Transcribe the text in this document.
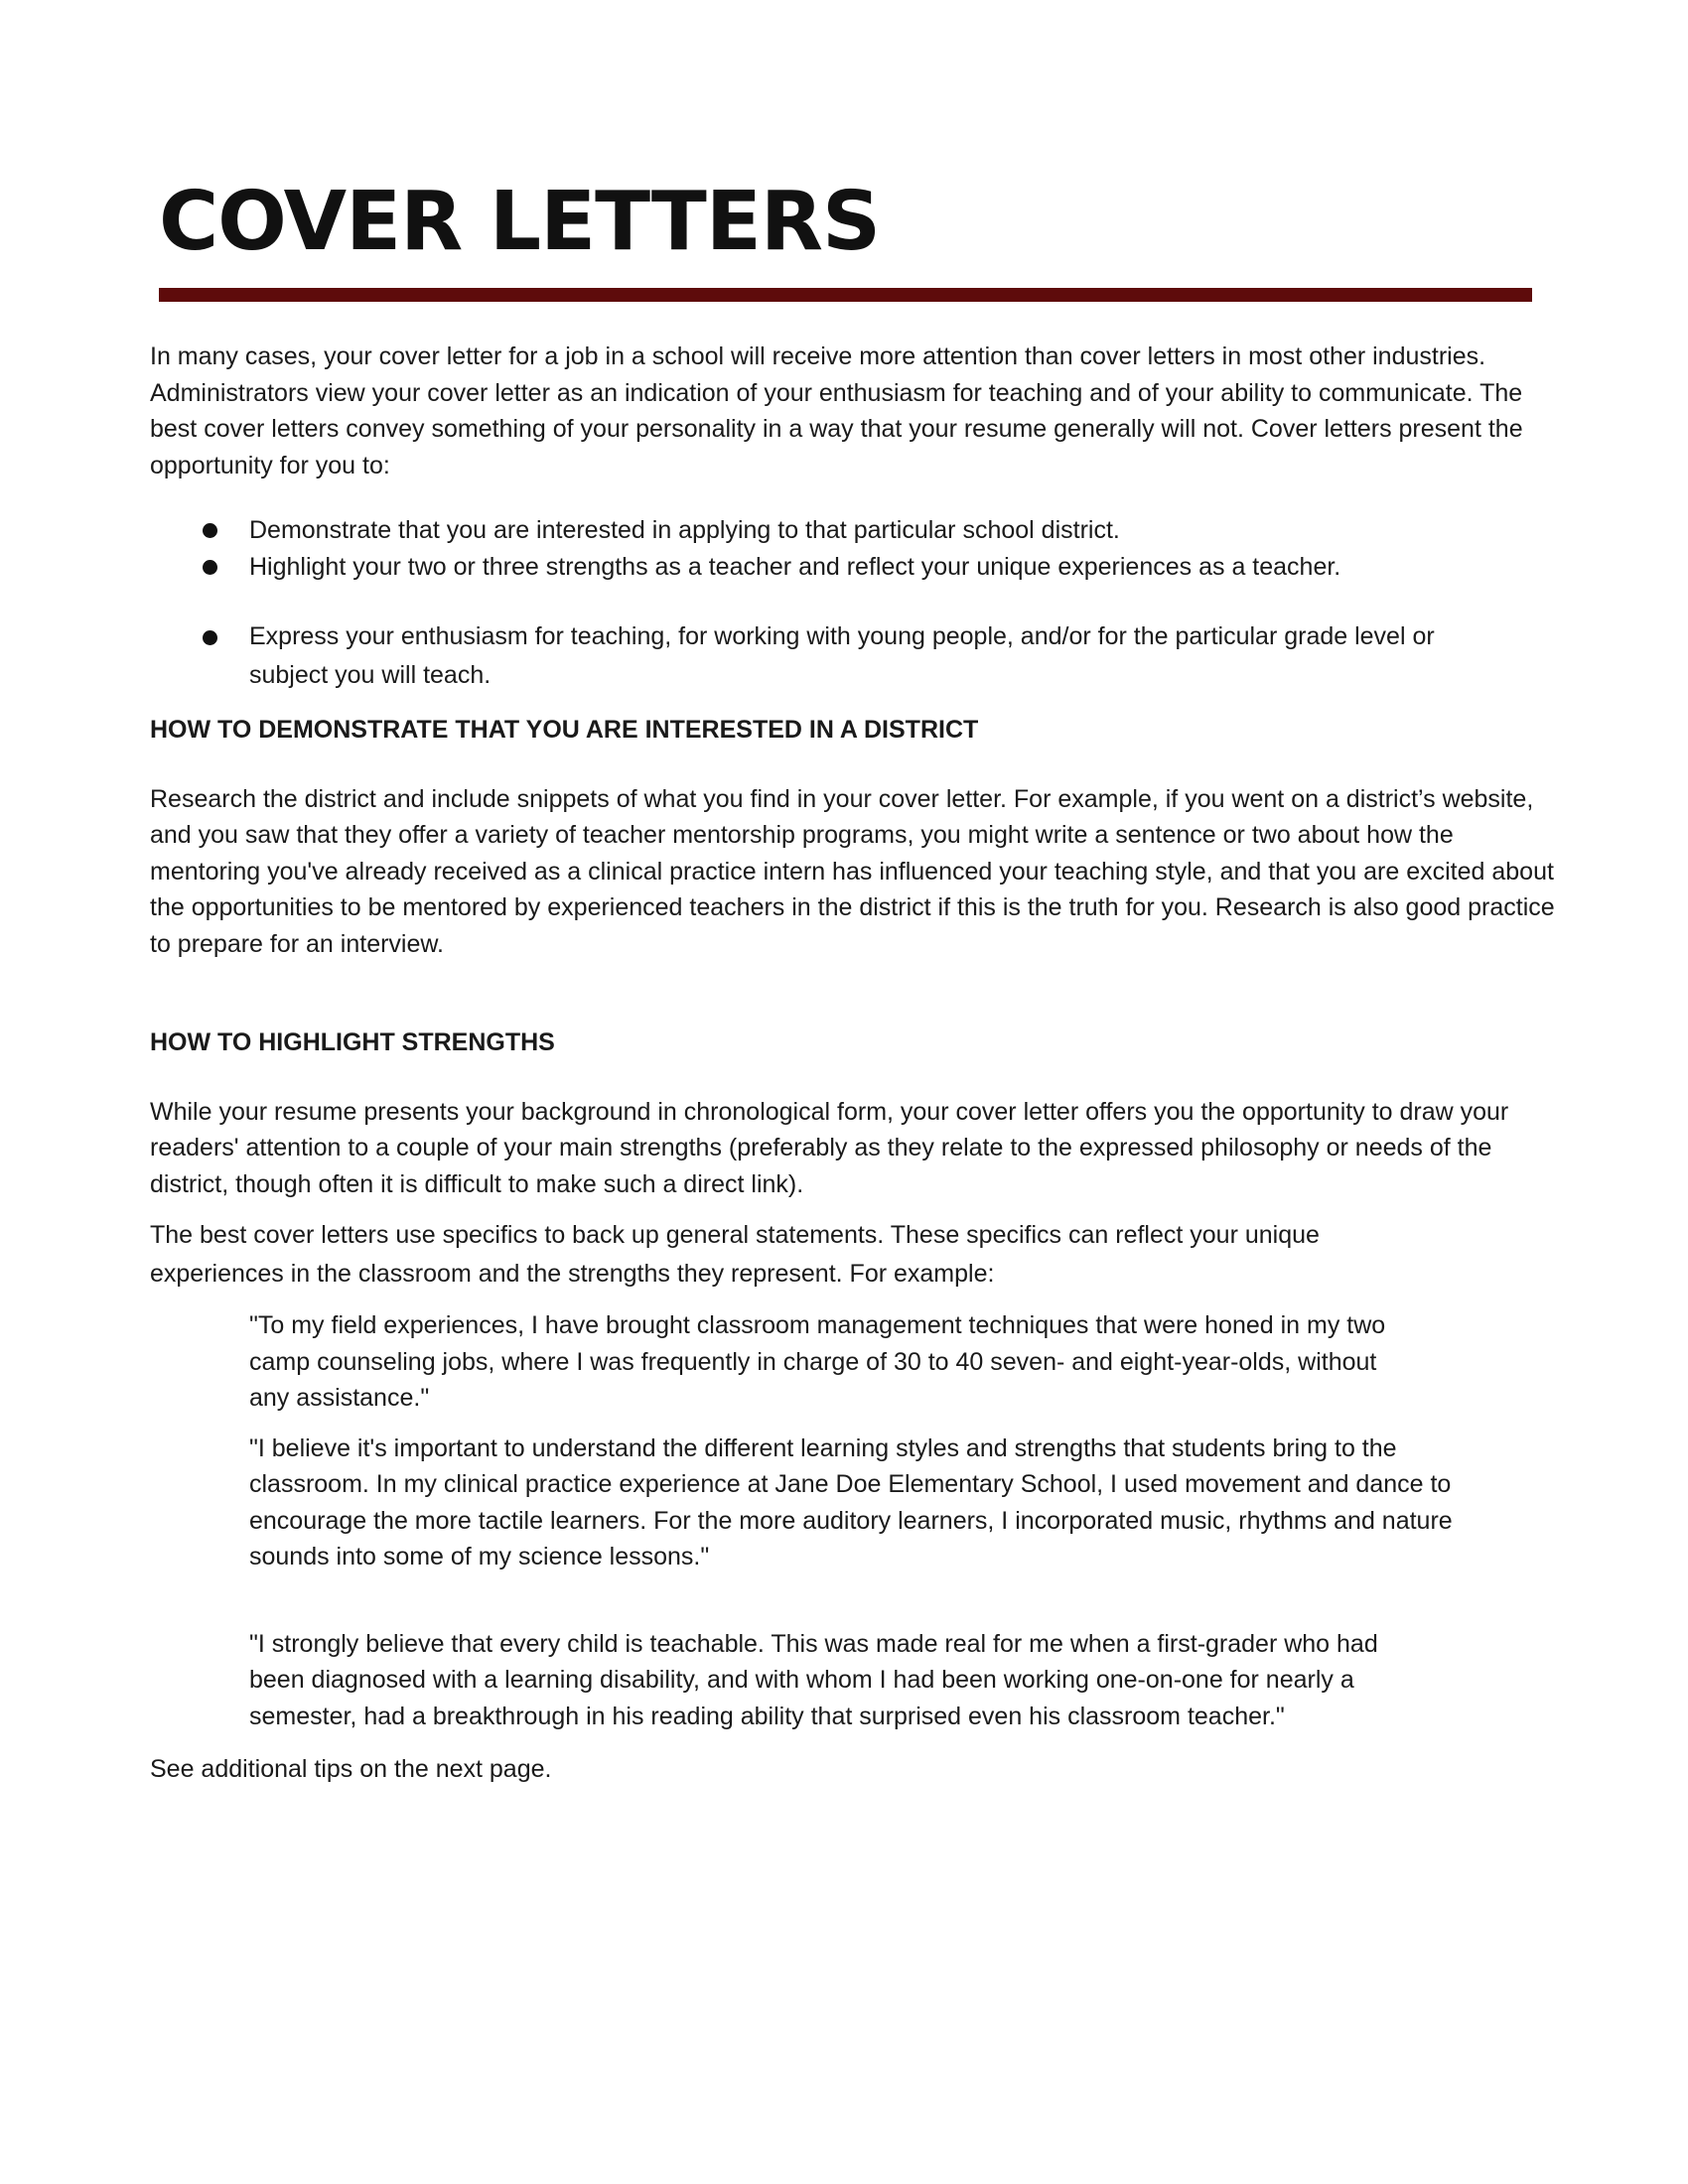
COVER LETTERS

In many cases, your cover letter for a job in a school will receive more attention than cover letters in most other industries. Administrators view your cover letter as an indication of your enthusiasm for teaching and of your ability to communicate. The best cover letters convey something of your personality in a way that your resume generally will not. Cover letters present the opportunity for you to:

Demonstrate that you are interested in applying to that particular school district.
Highlight your two or three strengths as a teacher and reflect your unique experiences as a teacher.
Express your enthusiasm for teaching, for working with young people, and/or for the particular grade level or subject you will teach.

HOW TO DEMONSTRATE THAT YOU ARE INTERESTED IN A DISTRICT

Research the district and include snippets of what you find in your cover letter. For example, if you went on a district’s website, and you saw that they offer a variety of teacher mentorship programs, you might write a sentence or two about how the mentoring you've already received as a clinical practice intern has influenced your teaching style, and that you are excited about the opportunities to be mentored by experienced teachers in the district if this is the truth for you. Research is also good practice to prepare for an interview.

HOW TO HIGHLIGHT STRENGTHS

While your resume presents your background in chronological form, your cover letter offers you the opportunity to draw your readers' attention to a couple of your main strengths (preferably as they relate to the expressed philosophy or needs of the district, though often it is difficult to make such a direct link).

The best cover letters use specifics to back up general statements. These specifics can reflect your unique experiences in the classroom and the strengths they represent. For example:

"To my field experiences, I have brought classroom management techniques that were honed in my two camp counseling jobs, where I was frequently in charge of 30 to 40 seven- and eight-year-olds, without any assistance."

"I believe it's important to understand the different learning styles and strengths that students bring to the classroom. In my clinical practice experience at Jane Doe Elementary School, I used movement and dance to encourage the more tactile learners. For the more auditory learners, I incorporated music, rhythms and nature sounds into some of my science lessons."

"I strongly believe that every child is teachable. This was made real for me when a first-grader who had been diagnosed with a learning disability, and with whom I had been working one-on-one for nearly a semester, had a breakthrough in his reading ability that surprised even his classroom teacher."

See additional tips on the next page.
